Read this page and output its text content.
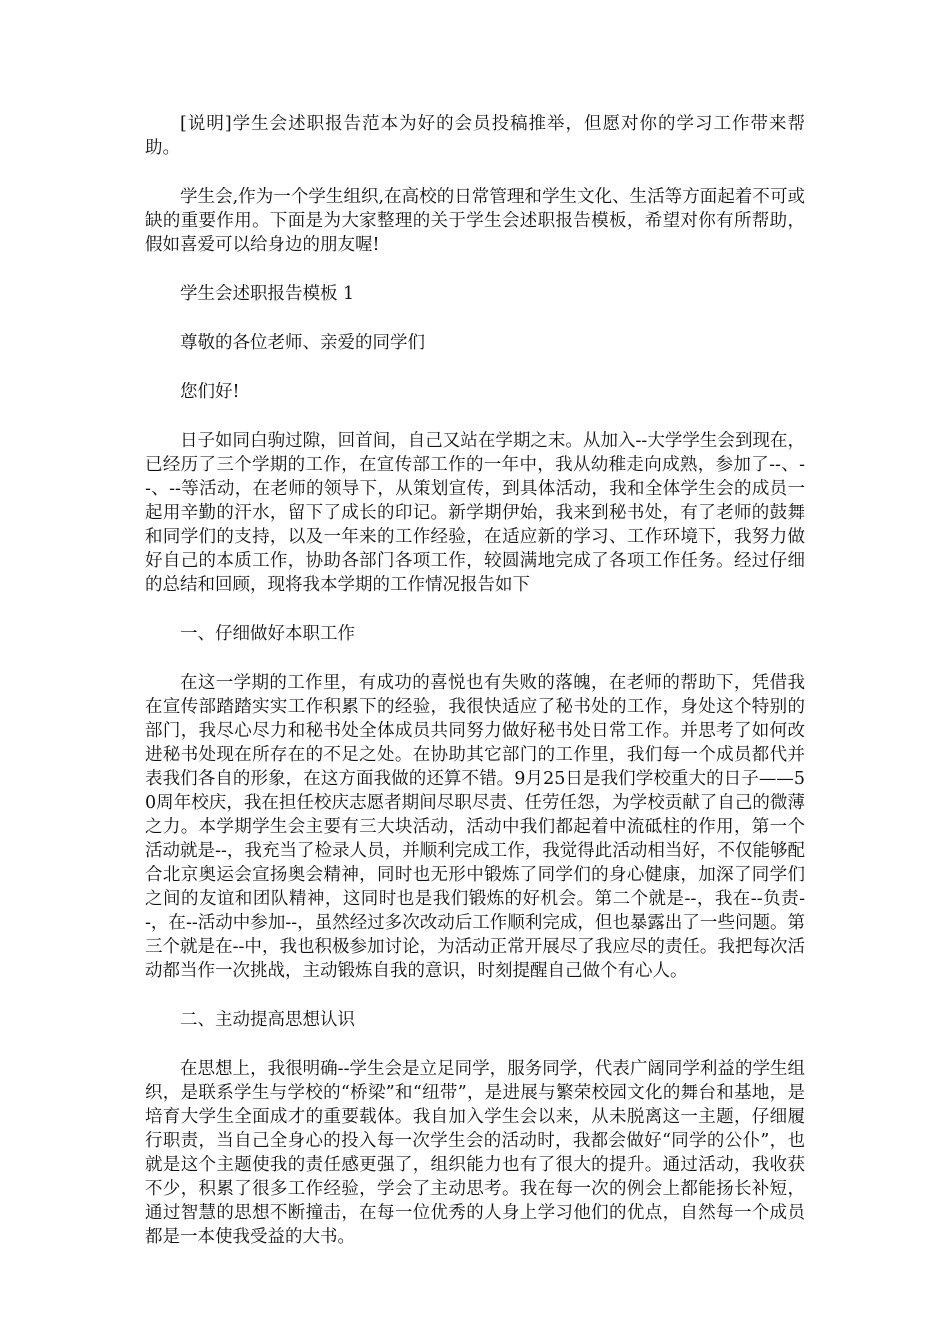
[说明]学生会述职报告范本为好的会员投稿推举，但愿对你的学习工作带来帮助。

学生会,作为一个学生组织,在高校的日常管理和学生文化、生活等方面起着不可或缺的重要作用。下面是为大家整理的关于学生会述职报告模板，希望对你有所帮助，假如喜爱可以给身边的朋友喔!

学生会述职报告模板 1

尊敬的各位老师、亲爱的同学们

您们好!

日子如同白驹过隙，回首间，自己又站在学期之末。从加入--大学学生会到现在，已经历了三个学期的工作，在宣传部工作的一年中，我从幼稚走向成熟，参加了--、--、--等活动，在老师的领导下，从策划宣传，到具体活动，我和全体学生会的成员一起用辛勤的汗水，留下了成长的印记。新学期伊始，我来到秘书处，有了老师的鼓舞和同学们的支持，以及一年来的工作经验，在适应新的学习、工作环境下，我努力做好自己的本质工作，协助各部门各项工作，较圆满地完成了各项工作任务。经过仔细的总结和回顾，现将我本学期的工作情况报告如下

一、仔细做好本职工作

在这一学期的工作里，有成功的喜悦也有失败的落魄，在老师的帮助下，凭借我在宣传部踏踏实实工作积累下的经验，我很快适应了秘书处的工作，身处这个特别的部门，我尽心尽力和秘书处全体成员共同努力做好秘书处日常工作。并思考了如何改进秘书处现在所存在的不足之处。在协助其它部门的工作里，我们每一个成员都代并表我们各自的形象，在这方面我做的还算不错。9月25日是我们学校重大的日子——50周年校庆，我在担任校庆志愿者期间尽职尽责、任劳任怨，为学校贡献了自己的微薄之力。本学期学生会主要有三大块活动，活动中我们都起着中流砥柱的作用，第一个活动就是--，我充当了检录人员，并顺利完成工作，我觉得此活动相当好，不仅能够配合北京奥运会宣扬奥会精神，同时也无形中锻炼了同学们的身心健康，加深了同学们之间的友谊和团队精神，这同时也是我们锻炼的好机会。第二个就是--，我在--负责--，在--活动中参加--，虽然经过多次改动后工作顺利完成，但也暴露出了一些问题。第三个就是在--中，我也积极参加讨论，为活动正常开展尽了我应尽的责任。我把每次活动都当作一次挑战，主动锻炼自我的意识，时刻提醒自己做个有心人。

二、主动提高思想认识

在思想上，我很明确--学生会是立足同学，服务同学，代表广阔同学利益的学生组织，是联系学生与学校的“桥梁”和“纽带”，是进展与繁荣校园文化的舞台和基地，是培育大学生全面成才的重要载体。我自加入学生会以来，从未脱离这一主题，仔细履行职责，当自己全身心的投入每一次学生会的活动时，我都会做好“同学的公仆”，也就是这个主题使我的责任感更强了，组织能力也有了很大的提升。通过活动，我收获不少，积累了很多工作经验，学会了主动思考。我在每一次的例会上都能扬长补短，通过智慧的思想不断撞击，在每一位优秀的人身上学习他们的优点，自然每一个成员都是一本使我受益的大书。
